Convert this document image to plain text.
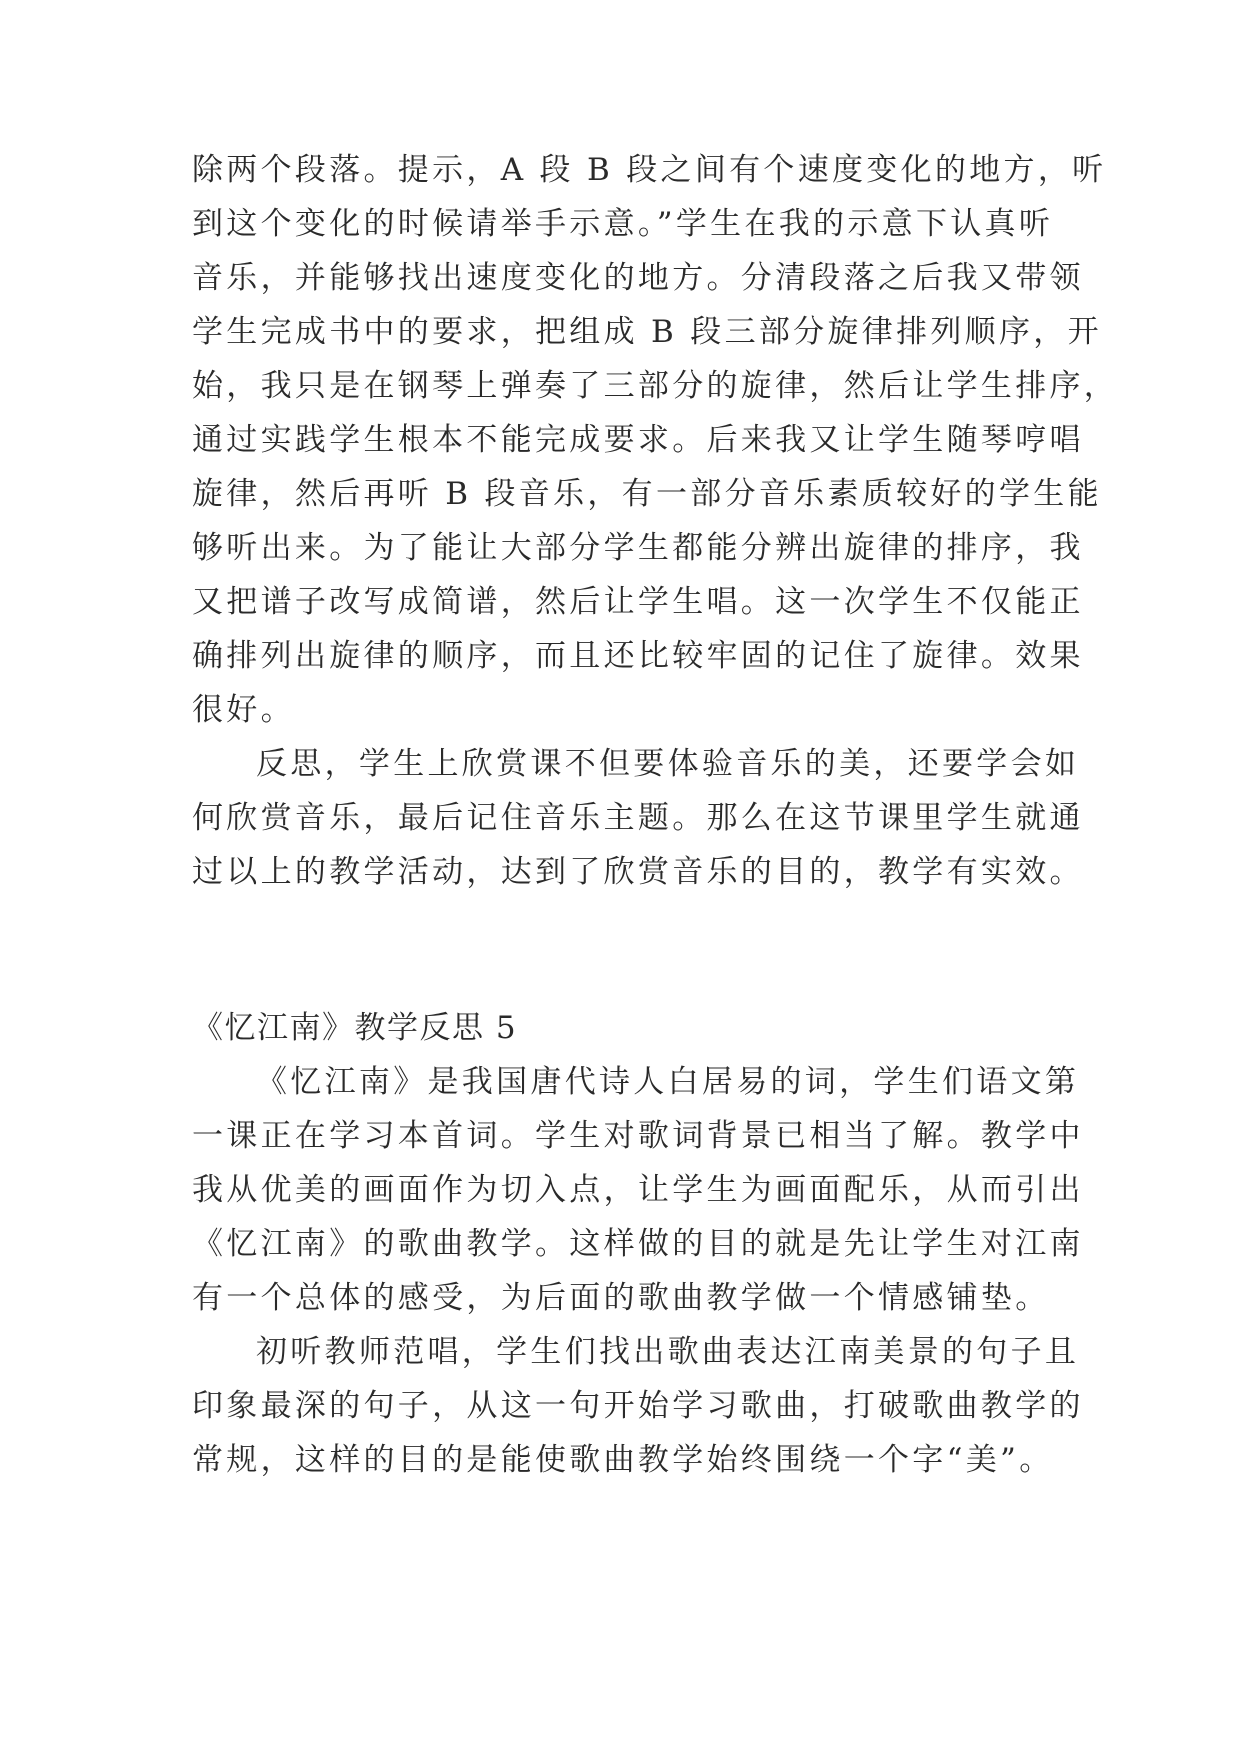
除两个段落。提示，A 段 B 段之间有个速度变化的地方，听
到这个变化的时候请举手示意。”学生在我的示意下认真听
音乐，并能够找出速度变化的地方。分清段落之后我又带领
学生完成书中的要求，把组成 B 段三部分旋律排列顺序，开
始，我只是在钢琴上弹奏了三部分的旋律，然后让学生排序，
通过实践学生根本不能完成要求。后来我又让学生随琴哼唱
旋律，然后再听 B 段音乐，有一部分音乐素质较好的学生能
够听出来。为了能让大部分学生都能分辨出旋律的排序，我
又把谱子改写成简谱，然后让学生唱。这一次学生不仅能正
确排列出旋律的顺序，而且还比较牢固的记住了旋律。效果
很好。
反思，学生上欣赏课不但要体验音乐的美，还要学会如
何欣赏音乐，最后记住音乐主题。那么在这节课里学生就通
过以上的教学活动，达到了欣赏音乐的目的，教学有实效。
《忆江南》教学反思 5
《忆江南》是我国唐代诗人白居易的词，学生们语文第
一课正在学习本首词。学生对歌词背景已相当了解。教学中
我从优美的画面作为切入点，让学生为画面配乐，从而引出
《忆江南》的歌曲教学。这样做的目的就是先让学生对江南
有一个总体的感受，为后面的歌曲教学做一个情感铺垫。
初听教师范唱，学生们找出歌曲表达江南美景的句子且
印象最深的句子，从这一句开始学习歌曲，打破歌曲教学的
常规，这样的目的是能使歌曲教学始终围绕一个字“美”。
